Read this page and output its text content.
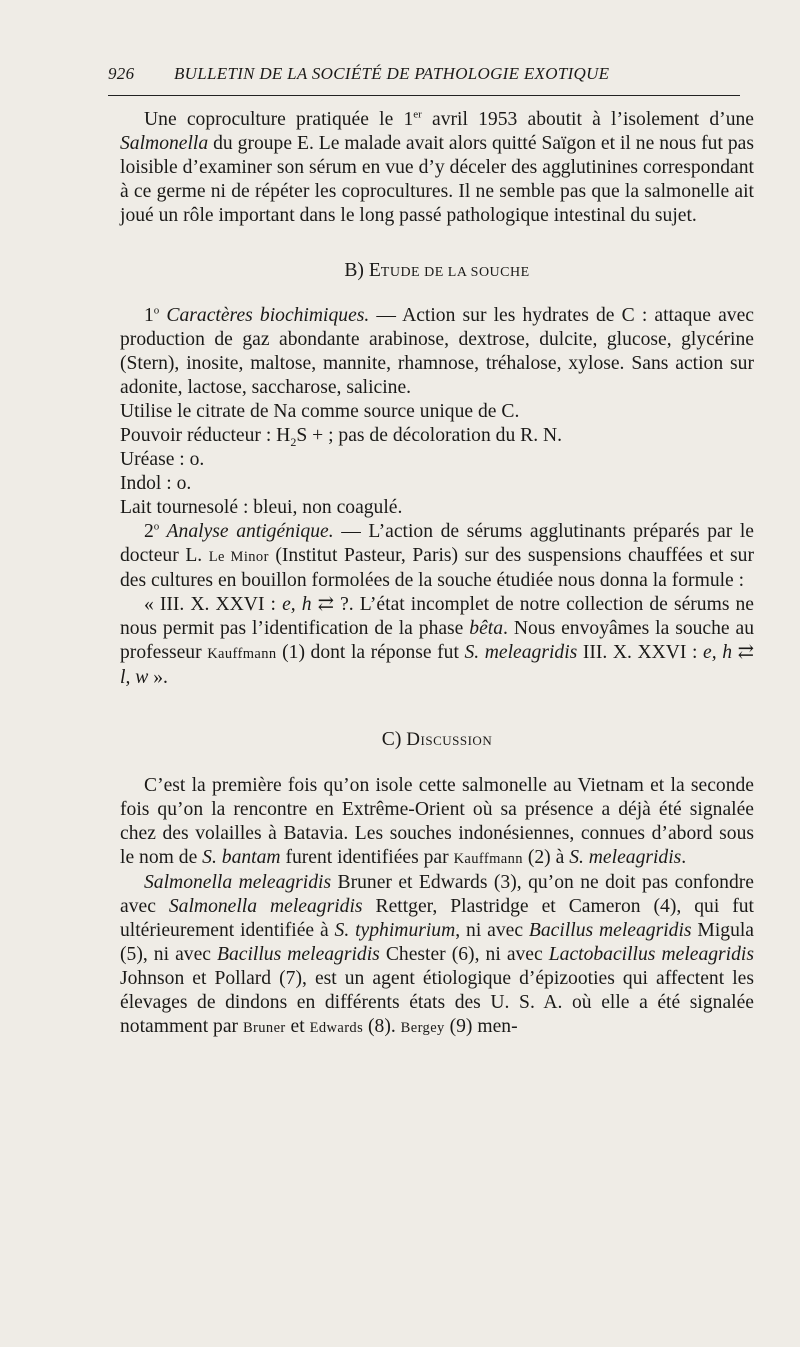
926 BULLETIN DE LA SOCIÉTÉ DE PATHOLOGIE EXOTIQUE

Une coproculture pratiquée le 1er avril 1953 aboutit à l’isolement d’une Salmonella du groupe E. Le malade avait alors quitté Saïgon et il ne nous fut pas loisible d’examiner son sérum en vue d’y déceler des agglutinines correspondant à ce germe ni de répéter les coprocultures. Il ne semble pas que la salmonelle ait joué un rôle important dans le long passé pathologique intestinal du sujet.

B) ETUDE DE LA SOUCHE

1$^o$ Caractères biochimiques. — Action sur les hydrates de C : attaque avec production de gaz abondante arabinose, dextrose, dulcite, glucose, glycérine (Stern), inosite, maltose, mannite, rhamnose, tréhalose, xylose. Sans action sur adonite, lactose, saccharose, salicine.

Utilise le citrate de Na comme source unique de C.

Pouvoir réducteur : $H_2S$ + ; pas de décoloration du R. N.

Uréase : o.

Indol : o.

Lait tournesolé : bleui, non coagulé.

2$^o$ Analyse antigénique. — L’action de sérums agglutinants préparés par le docteur L. Le Minor (Institut Pasteur, Paris) sur des suspensions chauffées et sur des cultures en bouillon formolées de la souche étudiée nous donna la formule :

« III. X. XXVI : e, h ⇄ ?. L’état incomplet de notre collection de sérums ne nous permit pas l’identification de la phase bêta. Nous envoyâmes la souche au professeur Kauffmann (1) dont la réponse fut S. meleagridis III. X. XXVI : e, h ⇄ l, w ».

C) Discussion

C’est la première fois qu’on isole cette salmonelle au Vietnam et la seconde fois qu’on la rencontre en Extrême-Orient où sa présence a déjà été signalée chez des volailles à Batavia. Les souches indonésiennes, connues d’abord sous le nom de S. bantam furent identifiées par Kauffmann (2) à S. meleagridis.

Salmonella meleagridis Bruner et Edwards (3), qu’on ne doit pas confondre avec Salmonella meleagridis Rettger, Plastridge et Cameron (4), qui fut ultérieurement identifiée à S. typhimurium, ni avec Bacillus meleagridis Migula (5), ni avec Bacillus meleagridis Chester (6), ni avec Lactobacillus meleagridis Johnson et Pollard (7), est un agent étiologique d’épizooties qui affectent les élevages de dindons en différents états des U. S. A. où elle a été signalée notamment par Bruner et Edwards (8). Bergey (9) men-
